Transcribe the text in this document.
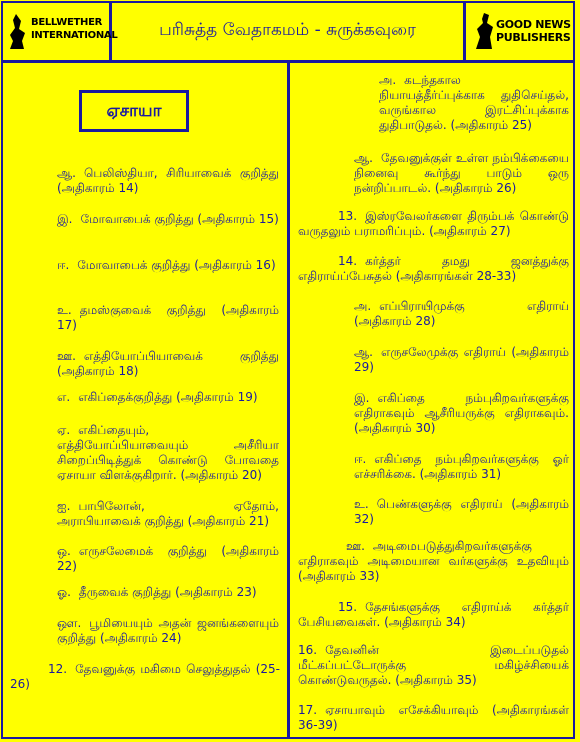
BELLWETHER
INTERNATIONAL	பரிசுத்த வேதாகமம் - சுருக்கவுரை	GOOD NEWS
PUBLISHERS
ஏசாயா
ஆ. பெலிஸ்தியா, சிரியாவைக் குறித்து (அதிகாரம் 14)
இ. மோவாபைக் குறித்து (அதிகாரம் 15)
ஈ. மோவாபைக் குறித்து (அதிகாரம் 16)
உ. தமஸ்குவைக் குறித்து (அதிகாரம் 17)
ஊ. எத்தியோப்பியாவைக் குறித்து (அதிகாரம் 18)
எ. எகிப்தைக்குறித்து (அதிகாரம் 19)
ஏ. எகிப்தையும், எத்தியோப்பியாவையும் அசீரியா சிறைப்பிடித்துக் கொண்டு போவதை ஏசாயா விளக்குகிறார். (அதிகாரம் 20)
ஐ. பாபிலோன், ஏதோம், அராபியாவைக் குறித்து (அதிகாரம் 21)
ஒ. எருசலேமைக் குறித்து (அதிகாரம் 22)
ஓ. தீருவைக் குறித்து (அதிகாரம் 23)
ஔ. பூமியையும் அதன் ஜனங்களையும் குறித்து (அதிகாரம் 24)
12. தேவனுக்கு மகிமை செலுத்துதல் (25-26)
அ. கடந்தகால நியாயத்தீர்ப்புக்காக துதிசெய்தல், வருங்கால இரட்சிப்புக்காக துதிபாடுதல். (அதிகாரம் 25)
ஆ. தேவனுக்குள் உள்ள நம்பிக்கையை நினைவு கூர்ந்து பாடும் ஒரு நன்றிப்பாடல். (அதிகாரம் 26)
13. இஸ்ரவேலர்களை திரும்பக் கொண்டு வருதலும் பராமரிப்பும். (அதிகாரம் 27)
14. கர்த்தர் தமது ஜனத்துக்கு எதிராய்ப்பேசுதல் (அதிகாரங்கள் 28-33)
அ. எப்பிராயிமுக்கு எதிராய் (அதிகாரம் 28)
ஆ. எருசலேமுக்கு எதிராய் (அதிகாரம் 29)
இ. எகிப்தை நம்புகிறவர்களுக்கு எதிராகவும் ஆசீரியருக்கு எதிராகவும். (அதிகாரம் 30)
ஈ. எகிப்தை நம்புகிறவர்களுக்கு ஓர் எச்சரிக்கை. (அதிகாரம் 31)
உ. பெண்களுக்கு எதிராய் (அதிகாரம் 32)
ஊ. அடிமைபடுத்துகிறவர்களுக்கு எதிராகவும் அடிமையான வர்களுக்கு உதவியும் (அதிகாரம் 33)
15. தேசங்களுக்கு எதிராய்க் கர்த்தர் பேசியவைகள். (அதிகாரம் 34)
16. தேவனின் இடைப்படுதல் மீட்கப்பட்டோருக்கு மகிழ்ச்சியைக் கொண்டுவருதல். (அதிகாரம் 35)
17. ஏசாயாவும் எசேக்கியாவும் (அதிகாரங்கள் 36-39)
